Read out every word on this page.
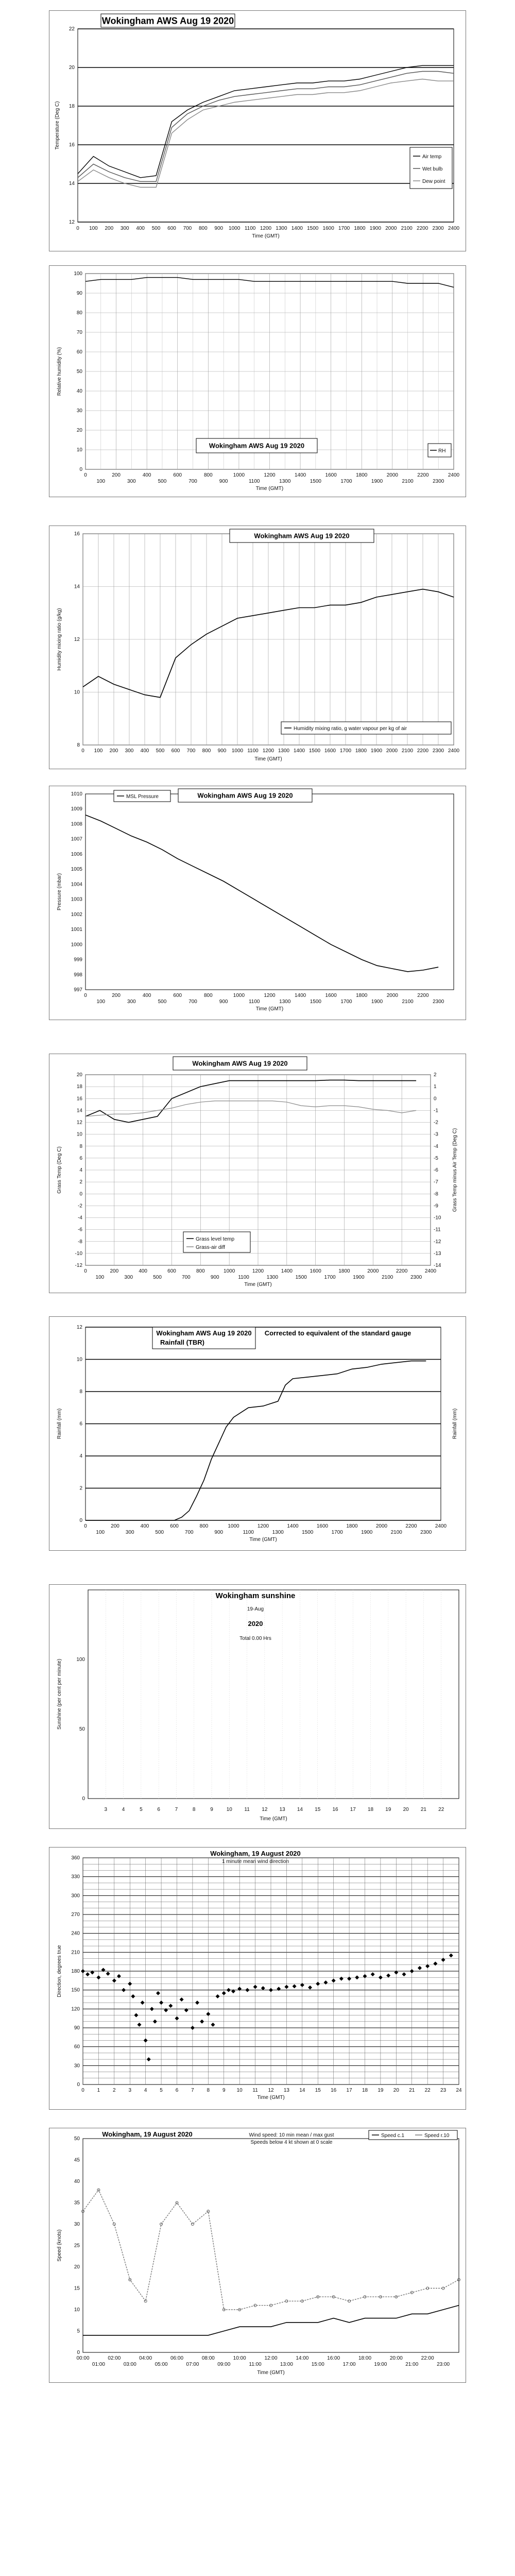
12
14
16
18
20
22
0 100 200 300 400 500 600 700 800 900 1000 1100 1200 1300 1400 1500 1600 1700 1800 1900 2000 2100 2200 2300 2400
Wokingham AWS Aug 19 2020
Time (GMT)
Temperature (Deg C)
Air temp
Wet bulb
Dew point
0
10
20
30
40
50
60
70
80
90
100
0	200	400	600	800	1000	1200	1400	1600	1800	2000	2200	2400
100	300	500	700	900	1100	1300	1500	1700	1900	2100	2300
Wokingham AWS Aug 19 2020
RH
Time (GMT)
Relative humidity (%)
8
10
12
14
16
0 100 200 300 400 500 600 700 800 900 1000 1100 1200 1300 1400 1500 1600 1700 1800 1900 2000 2100 2200 2300 2400
Wokingham AWS Aug 19 2020
Humidity mixing ratio, g water vapour per kg of air
Time (GMT)
Humidity mixing ratio (g/kg)
997
998
999
1000
1001
1002
1003
1004
1005
1006
1007
1008
1009
1010
0	200	400	600	800	1000	1200	1400	1600	1800	2000	2200
100	300	500	700	900	1100	1300	1500	1700	1900	2100	2300
MSL Pressure	Wokingham AWS Aug 19 2020
Time (GMT)
Pressure (mbar)
-12
-10
-8
-6
-4
-2
0
2
4
6
8
10
12
14
16
18
20
-14
-13
-12
-11
-10
-9
-8
-7
-6
-5
-4
-3
-2
-1
0
1
2
0	200	400	600	800	1000	1200	1400	1600	1800	2000	2200	2400
100	300	500	700	900	1100	1300	1500	1700	1900	2100	2300
Wokingham AWS Aug 19 2020
Grass level temp
Grass-air diff
Time (GMT)
Grass Temp (Deg C)	Grass Temp minus Air Temp (Deg C)
0
2
4
6
8
10
12
0	200	400	600	800	1000	1200	1400	1600	1800	2000	2200	2400
100	300	500	700	900	1100	1300	1500	1700	1900	2100	2300
Wokingham AWS Aug 19 2020
Rainfall (TBR)
Corrected to equivalent of the standard gauge
Time (GMT)
Rainfall (mm)	Rainfall (mm)
0
50
100
3	4	5	6	7	8	9	10 11 12 13 14 15 16 17 18 19 20 21 22
Wokingham sunshine
19-Aug
2020
Total 0.00 Hrs
Time (GMT)
Sunshine (per cent per minute)
0
30
60
90
120
150
180
210
240
270
300
330
360
0 1 2 3 4 5 6 7 8 9 10 11 12 13 14 15 16 17 18 19 20 21 22 23 24
Wokingham, 19 August 2020
1 minute mean wind direction
Time (GMT)
Direction, degrees true
0
5
10
15
20
25
30
35
40
45
50
00:00	02:00	04:00	06:00	08:00	10:00	12:00	14:00	16:00	18:00	20:00	22:00
01:00	03:00	05:00	07:00	09:00	11:00	13:00	15:00	17:00	19:00	21:00	23:00
Wokingham, 19 August 2020	Wind speed: 10 min mean / max gust
Speeds below 4 kt shown at 0 scale
Speed c.1	Speed r.10
Time (GMT)
Speed (knots)
